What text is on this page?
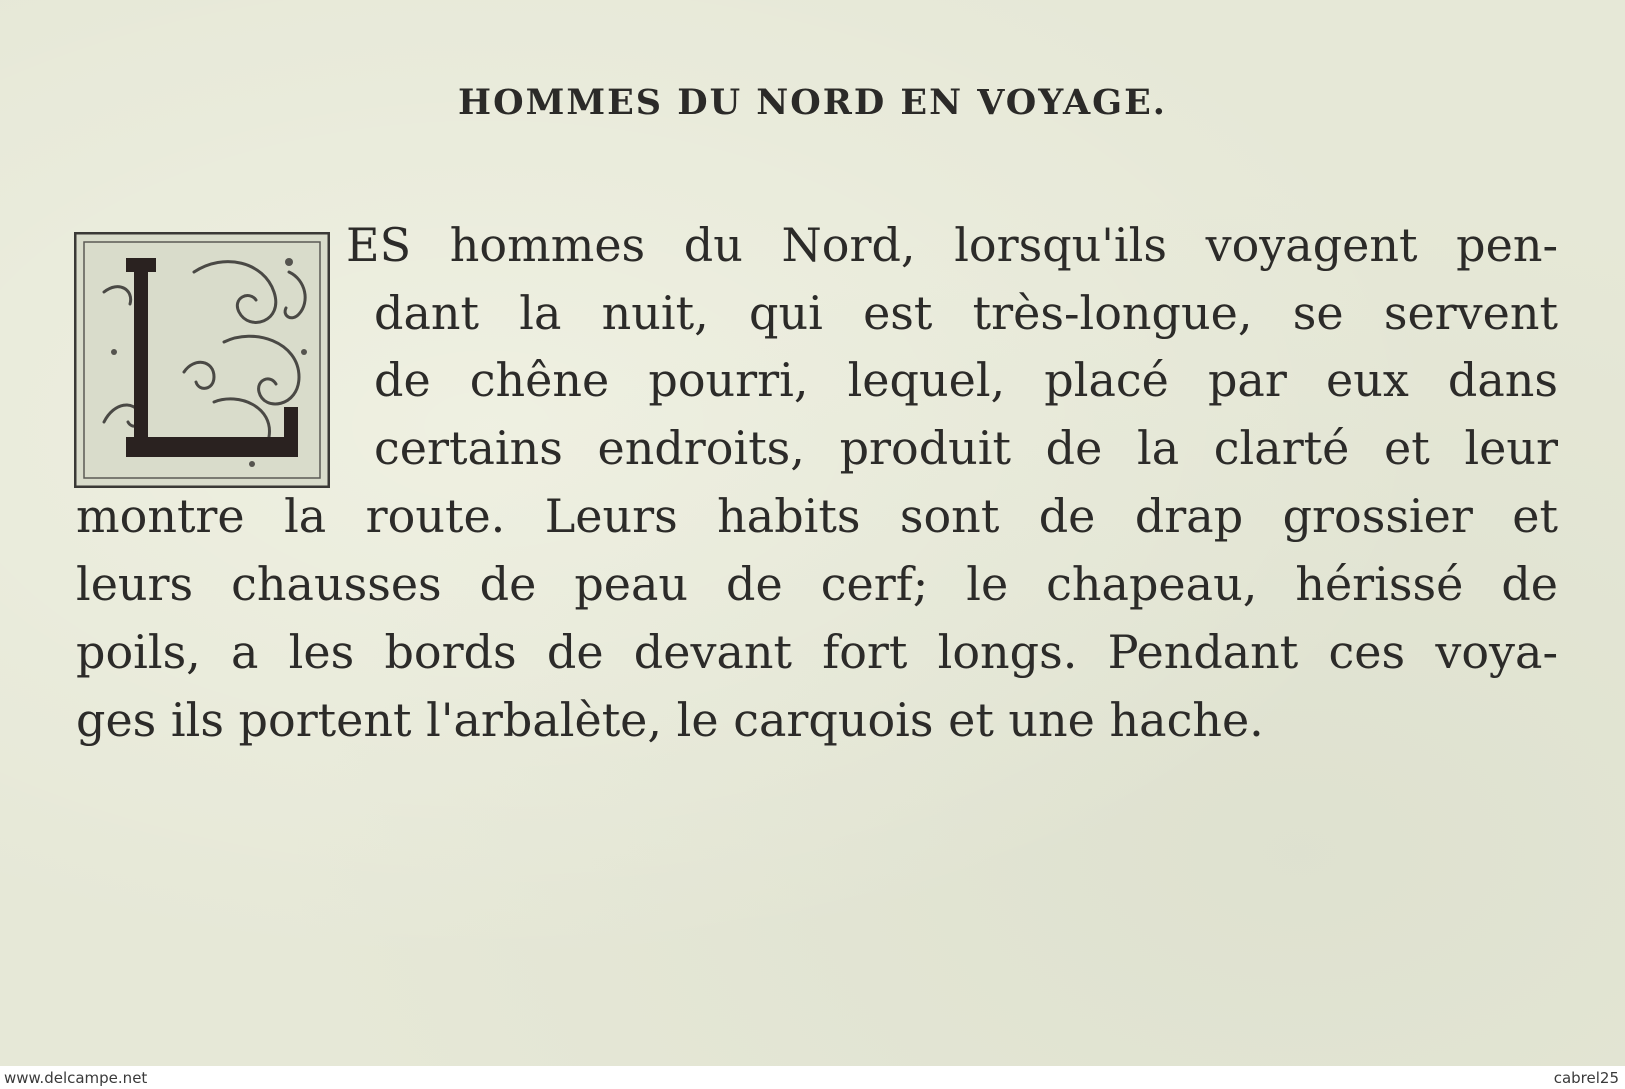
HOMMES DU NORD EN VOYAGE.
ES hommes du Nord, lorsqu'ils voyagent pen-
dant la nuit, qui est très-longue, se servent
de chêne pourri, lequel, placé par eux dans
certains endroits, produit de la clarté et leur
montre la route. Leurs habits sont de drap grossier et
leurs chausses de peau de cerf; le chapeau, hérissé de
poils, a les bords de devant fort longs. Pendant ces voya-
ges ils portent l'arbalète, le carquois et une hache.
www.delcampe.net	cabrel25
